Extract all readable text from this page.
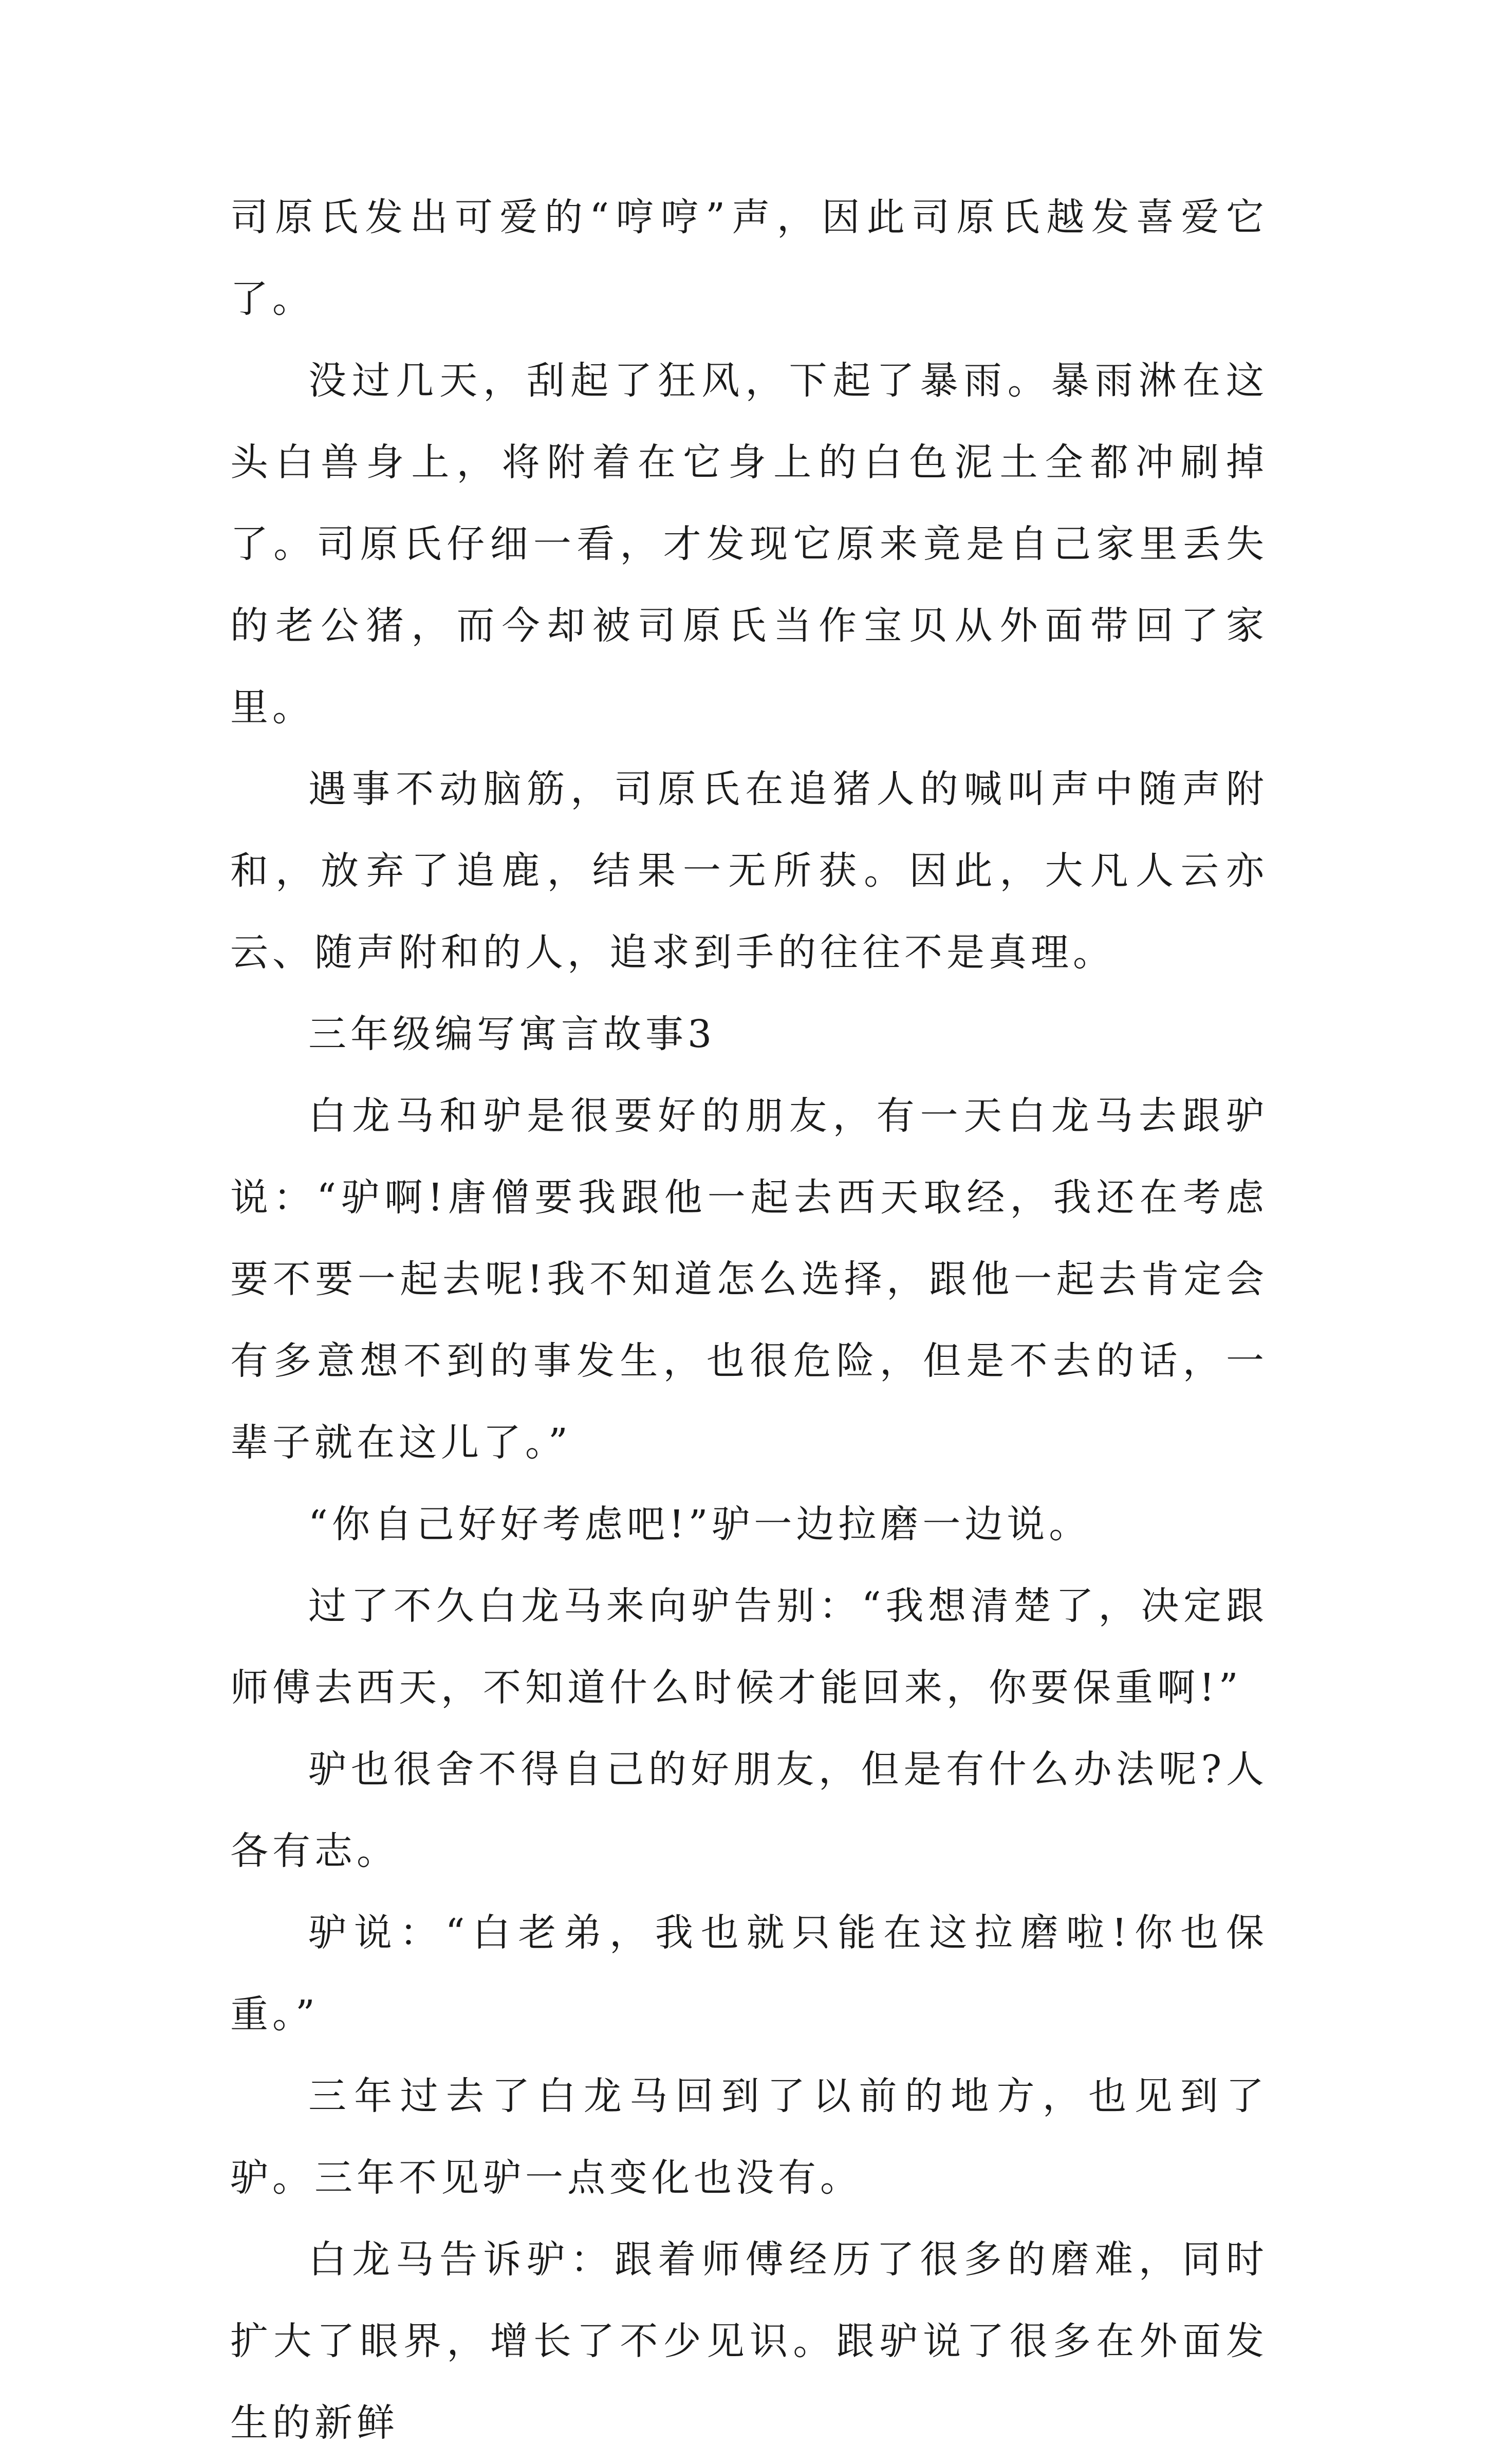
司原氏发出可爱的“哼哼”声，因此司原氏越发喜爱它了。

没过几天，刮起了狂风，下起了暴雨。暴雨淋在这头白兽身上，将附着在它身上的白色泥土全都冲刷掉了。司原氏仔细一看，才发现它原来竟是自己家里丢失的老公猪，而今却被司原氏当作宝贝从外面带回了家里。

遇事不动脑筋，司原氏在追猪人的喊叫声中随声附和，放弃了追鹿，结果一无所获。因此，大凡人云亦云、随声附和的人，追求到手的往往不是真理。

三年级编写寓言故事3

白龙马和驴是很要好的朋友，有一天白龙马去跟驴说：“驴啊!唐僧要我跟他一起去西天取经，我还在考虑要不要一起去呢!我不知道怎么选择，跟他一起去肯定会有多意想不到的事发生，也很危险，但是不去的话，一辈子就在这儿了。”

“你自己好好考虑吧!”驴一边拉磨一边说。

过了不久白龙马来向驴告别：“我想清楚了，决定跟师傅去西天，不知道什么时候才能回来，你要保重啊!”

驴也很舍不得自己的好朋友，但是有什么办法呢?人各有志。

驴说：“白老弟，我也就只能在这拉磨啦!你也保重。”

三年过去了白龙马回到了以前的地方，也见到了驴。三年不见驴一点变化也没有。

白龙马告诉驴：跟着师傅经历了很多的磨难，同时扩大了眼界，增长了不少见识。跟驴说了很多在外面发生的新鲜
